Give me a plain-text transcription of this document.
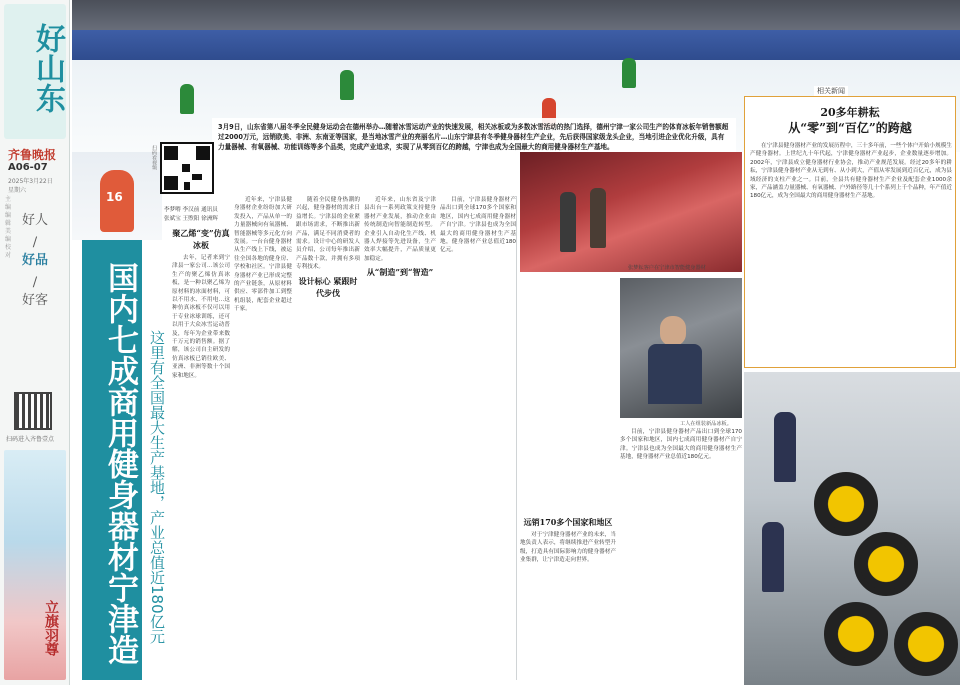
好山东
齐鲁晚报
A06-07
2025年3月22日
星期六
主编 编辑 美编 校对
好人
/
好品
/
好客
扫码进入齐鲁壹点
立旗羽尊
3月9日，山东省第八届冬季全民健身运动会在德州举办…随着冰雪运动产业的快速发展，相关冰板或为多数冰雪活动的热门选择，德州宁津一家公司生产的体育冰板年销售额超过2000万元，远销欧美、非洲、东南亚等国家，是当地冰雪产业的亮丽名片…山东宁津县有冬季健身器材生产企业，先后获得国家级龙头企业，当地引进企业优化升级，具有力量器械、有氧器械、功能训练等多个品类，完成产业追求，实现了从零到百亿的跨越，宁津也成为全国最大的商用健身器材生产基地。
16
扫码看视频
李梦嘚 李汉前 通讯员
张斌宝 王煦阳 徐洲辉
国内七成商用健身器材宁津造 这里有全国最大生产基地，产业总值近180亿元
聚乙烯“变”仿真冰板

去年，记者来到宁津县一家公司…该公司生产的聚乙烯仿真冰板，是一种以聚乙烯为原材料的冰面材料，可以不用水、不用电…这种仿真冰板不仅可以用于专业冰球训练，还可以用于大众冰雪运动普及，每年为企业带来数千万元的销售额。据了解，该公司自主研发的仿真冰板已销往欧美、亚洲、非洲等数十个国家和地区。

近年来，宁津县健身器材企业纷纷加大研发投入，产品从单一的力量器械向有氧器械、智能器械等多元化方向发展。一台台健身器材从生产线上下线，被运往全国各地的健身房、学校和社区。宁津县健身器材产业已形成完整的产业链条，从原材料供应、零部件加工到整机组装，配套企业超过千家。

随着全民健身热潮的兴起，健身器材的需求日益增长。宁津县的企业紧跟市场需求，不断推出新产品，满足不同消费者的需求。设计中心的研发人员介绍，公司每年推出新产品数十款，并拥有多项专利技术。

设计标心 紧跟时代步伐

近年来，山东省及宁津县出台一系列政策支持健身器材产业发展，推动企业由传统制造向智能制造转型。企业引入自动化生产线、机器人焊接等先进设备，生产效率大幅提升，产品质量更加稳定。

从“制造”到“智造”

目前，宁津县健身器材产品出口到全球170多个国家和地区，国内七成商用健身器材产自宁津。宁津县也成为全国最大的商用健身器材生产基地，健身器材产业总值近180亿元。

远销170多个国家和地区

对于宁津健身器材产业的未来，当地负责人表示，将继续推进产业转型升级，打造具有国际影响力的健身器材产业集群，让宁津造走向世界。

目前，宁津县健身器材产品出口到全球170多个国家和地区，国内七成商用健身器材产自宁津。宁津县也成为全国最大的商用健身器材生产基地，健身器材产业总值近180亿元。

张梦耘客户在宁津市智能健身器材
工人在组装新品冰板。
相关新闻
20多年耕耘
从“零”到“百亿”的跨越

在宁津县健身器材产业的发展历程中，三十多年前，一些个体户开始小规模生产健身器材。上世纪九十年代起，宁津健身器材产业起步，企业数量逐步增加。2002年，宁津县成立健身器材行业协会，推动产业规范发展。经过20多年的耕耘，宁津县健身器材产业从无到有、从小到大，产值从零发展到近百亿元，成为县域经济的支柱产业之一。目前，全县共有健身器材生产企业及配套企业1000余家，产品涵盖力量器械、有氧器械、户外路径等几十个系列上千个品种，年产值近180亿元，成为全国最大的商用健身器材生产基地。
